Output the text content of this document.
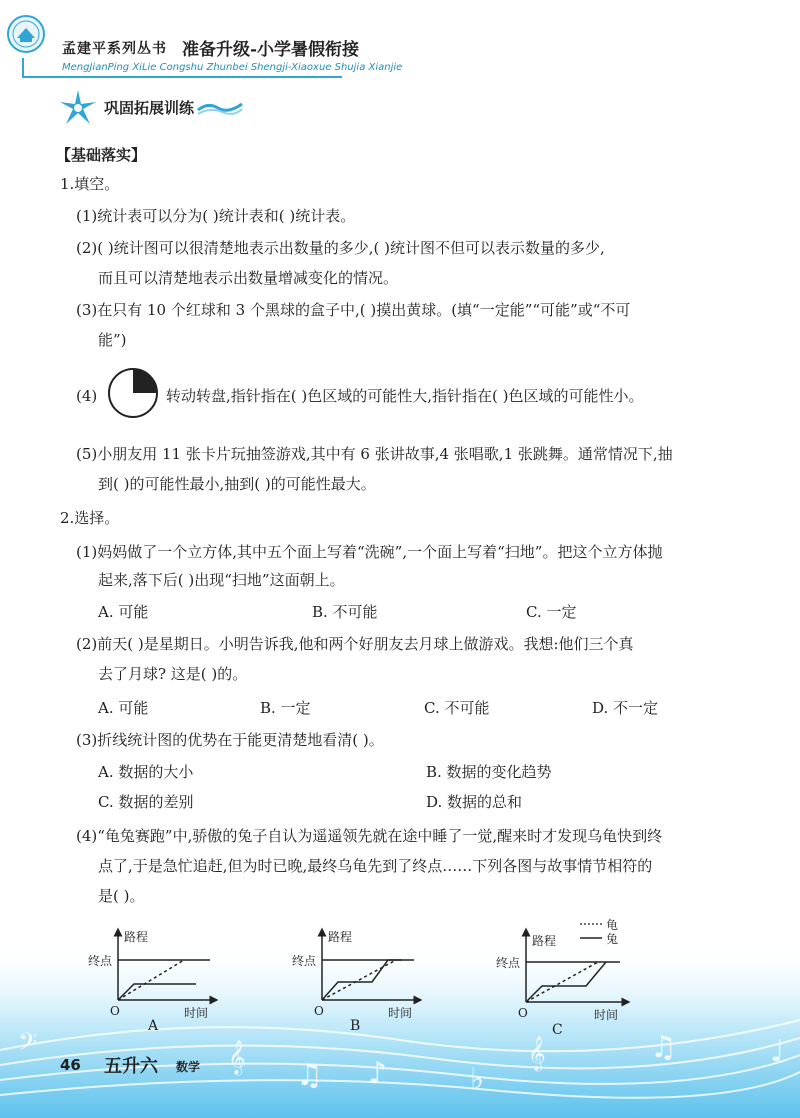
孟建平系列丛书 准备升级-小学暑假衔接
MengJianPing XiLie Congshu Zhunbei Shengji-Xiaoxue Shujia Xianjie
巩固拓展训练
【基础落实】
1.填空。
(1)统计表可以分为( )统计表和( )统计表。
(2)( )统计图可以很清楚地表示出数量的多少,( )统计图不但可以表示数量的多少,
而且可以清楚地表示出数量增减变化的情况。
(3)在只有 10 个红球和 3 个黑球的盒子中,( )摸出黄球。(填“一定能”“可能”或“不可
能”)
(4)	转动转盘,指针指在( )色区域的可能性大,指针指在( )色区域的可能性小。
(5)小朋友用 11 张卡片玩抽签游戏,其中有 6 张讲故事,4 张唱歌,1 张跳舞。通常情况下,抽
到( )的可能性最小,抽到( )的可能性最大。
2.选择。
(1)妈妈做了一个立方体,其中五个面上写着“洗碗”,一个面上写着“扫地”。把这个立方体抛
起来,落下后( )出现“扫地”这面朝上。
A. 可能	B. 不可能	C. 一定
(2)前天( )是星期日。小明告诉我,他和两个好朋友去月球上做游戏。我想:他们三个真
去了月球? 这是( )的。
A. 可能	B. 一定	C. 不可能	D. 不一定
(3)折线统计图的优势在于能更清楚地看清( )。
A. 数据的大小	B. 数据的变化趋势
C. 数据的差别	D. 数据的总和
(4)“龟兔赛跑”中,骄傲的兔子自认为遥遥领先就在途中睡了一觉,醒来时才发现乌龟快到终
点了,于是急忙追赶,但为时已晚,最终乌龟先到了终点……下列各图与故事情节相符的
是( )。
路程
终点
O	时间
A
路程
终点
O	时间
B
龟
兔
路程
终点
O	时间
C
𝄢	𝄞
♫ ♪	♭
𝄞	♫	♩
46 五升六 数学
